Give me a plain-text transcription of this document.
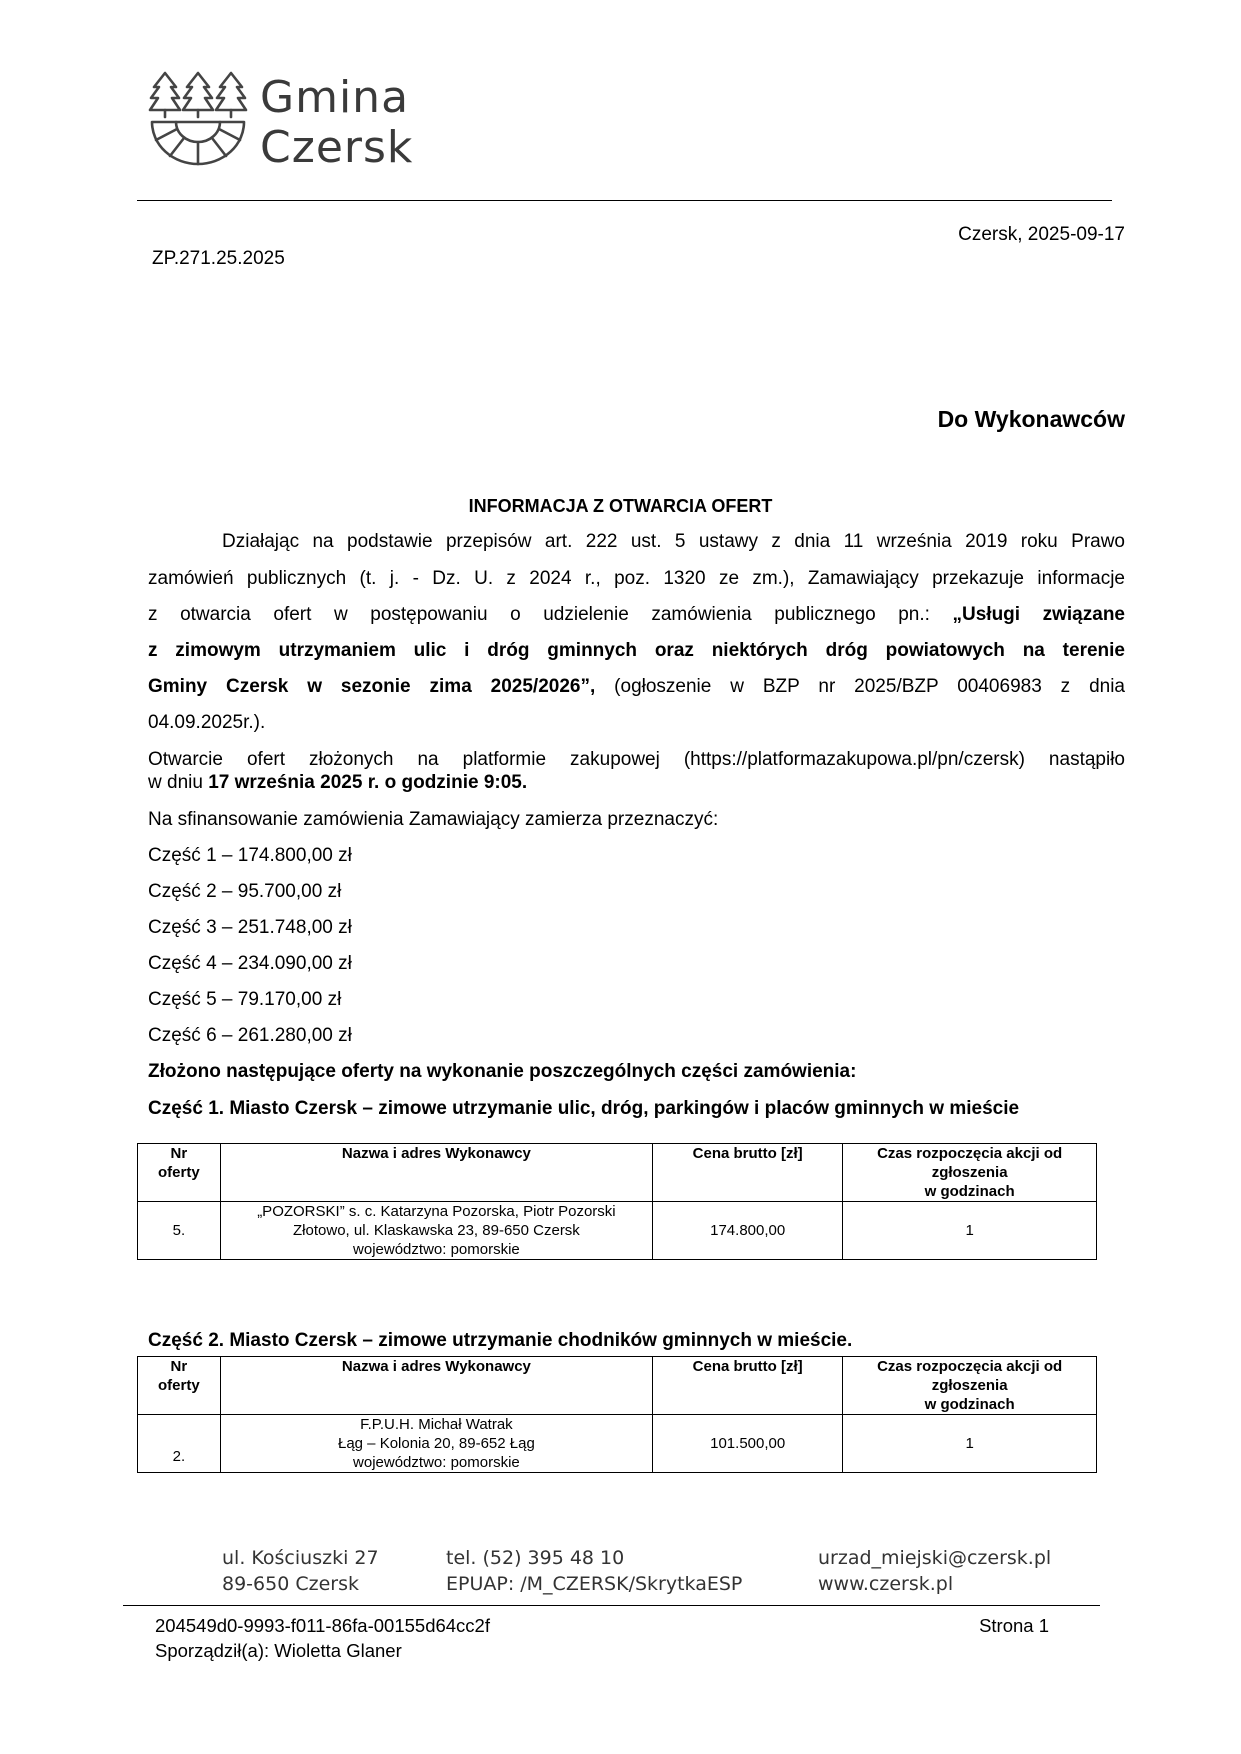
Gmina
Czersk
ZP.271.25.2025
Czersk, 2025-09-17
Do Wykonawców
INFORMACJA Z OTWARCIA OFERT
Działając na podstawie przepisów art. 222 ust. 5 ustawy z dnia 11 września 2019 roku Prawo
zamówień publicznych (t. j. - Dz. U. z 2024 r., poz. 1320 ze zm.), Zamawiający przekazuje informacje
z otwarcia ofert w postępowaniu o udzielenie zamówienia publicznego pn.: „Usługi związane
z zimowym utrzymaniem ulic i dróg gminnych oraz niektórych dróg powiatowych na terenie
Gminy Czersk w sezonie zima 2025/2026”, (ogłoszenie w BZP nr 2025/BZP 00406983 z dnia
04.09.2025r.).
Otwarcie ofert złożonych na platformie zakupowej (https://platformazakupowa.pl/pn/czersk) nastąpiło
w dniu 17 września 2025 r. o godzinie 9:05.
Na sfinansowanie zamówienia Zamawiający zamierza przeznaczyć:
Część 1 – 174.800,00 zł
Część 2 – 95.700,00 zł
Część 3 – 251.748,00 zł
Część 4 – 234.090,00 zł
Część 5 – 79.170,00 zł
Część 6 – 261.280,00 zł
Złożono następujące oferty na wykonanie poszczególnych części zamówienia:
Część 1. Miasto Czersk – zimowe utrzymanie ulic, dróg, parkingów i placów gminnych w mieście
Nr
oferty	Nazwa i adres Wykonawcy	Cena brutto [zł]	Czas rozpoczęcia akcji od
zgłoszenia
w godzinach
5.	„POZORSKI” s. c. Katarzyna Pozorska, Piotr Pozorski
Złotowo, ul. Klaskawska 23, 89-650 Czersk
województwo: pomorskie	174.800,00	1
Część 2. Miasto Czersk – zimowe utrzymanie chodników gminnych w mieście.
Nr
oferty	Nazwa i adres Wykonawcy	Cena brutto [zł]	Czas rozpoczęcia akcji od
zgłoszenia
w godzinach
2.	F.P.U.H. Michał Watrak
Łąg – Kolonia 20, 89-652 Łąg
województwo: pomorskie	101.500,00	1
ul. Kościuszki 27
89-650 Czersk
tel. (52) 395 48 10
EPUAP: /M_CZERSK/SkrytkaESP
urzad_miejski@czersk.pl
www.czersk.pl
204549d0-9993-f011-86fa-00155d64cc2f
Sporządził(a): Wioletta Glaner
Strona 1
